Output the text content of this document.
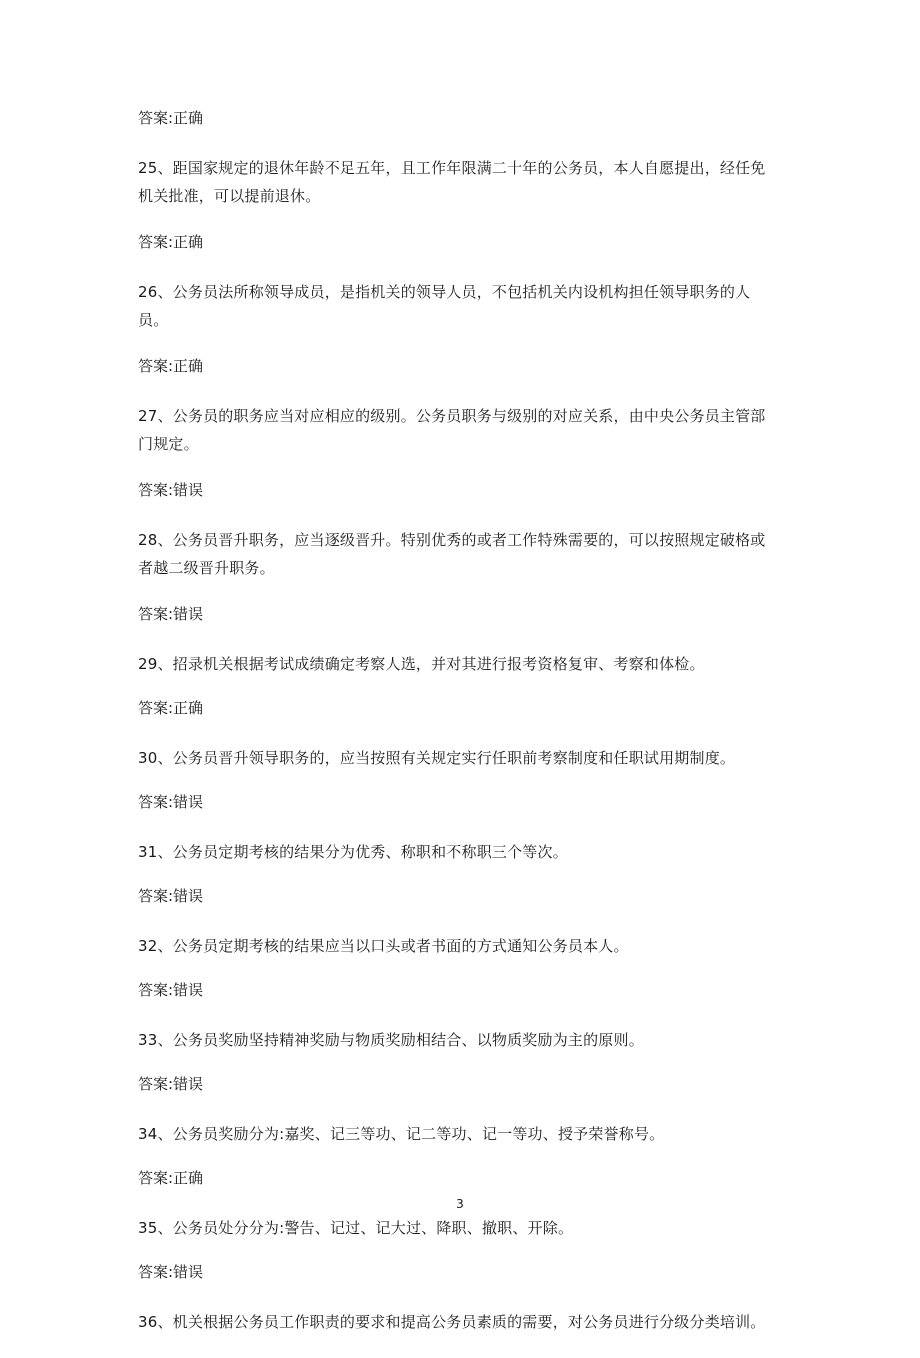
答案:正确

25、距国家规定的退休年龄不足五年，且工作年限满二十年的公务员，本人自愿提出，经任免机关批准，可以提前退休。

答案:正确

26、公务员法所称领导成员，是指机关的领导人员，不包括机关内设机构担任领导职务的人员。

答案:正确

27、公务员的职务应当对应相应的级别。公务员职务与级别的对应关系，由中央公务员主管部门规定。

答案:错误

28、公务员晋升职务，应当逐级晋升。特别优秀的或者工作特殊需要的，可以按照规定破格或者越二级晋升职务。

答案:错误

29、招录机关根据考试成绩确定考察人选，并对其进行报考资格复审、考察和体检。

答案:正确

30、公务员晋升领导职务的，应当按照有关规定实行任职前考察制度和任职试用期制度。

答案:错误

31、公务员定期考核的结果分为优秀、称职和不称职三个等次。

答案:错误

32、公务员定期考核的结果应当以口头或者书面的方式通知公务员本人。

答案:错误

33、公务员奖励坚持精神奖励与物质奖励相结合、以物质奖励为主的原则。

答案:错误

34、公务员奖励分为:嘉奖、记三等功、记二等功、记一等功、授予荣誉称号。

答案:正确

35、公务员处分分为:警告、记过、记大过、降职、撤职、开除。

答案:错误

36、机关根据公务员工作职责的要求和提高公务员素质的需要，对公务员进行分级分类培训。

3
